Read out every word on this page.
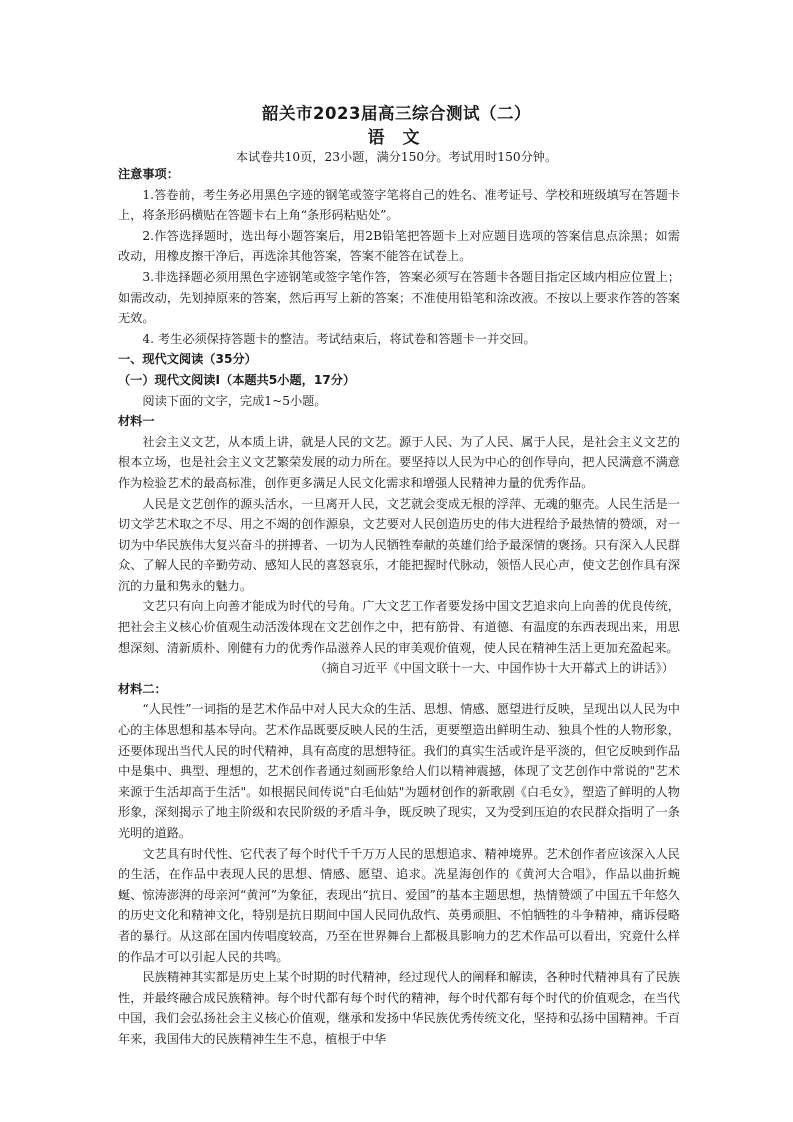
韶关市2023届高三综合测试（二）
语 文
本试卷共10页，23小题，满分150分。考试用时150分钟。

注意事项：

1.答卷前，考生务必用黑色字迹的钢笔或签字笔将自己的姓名、准考证号、学校和班级填写在答题卡上，将条形码横贴在答题卡右上角“条形码粘贴处”。

2.作答选择题时，选出每小题答案后，用2B铅笔把答题卡上对应题目选项的答案信息点涂黑；如需改动，用橡皮擦干净后，再选涂其他答案，答案不能答在试卷上。

3.非选择题必须用黑色字迹钢笔或签字笔作答，答案必须写在答题卡各题目指定区域内相应位置上；如需改动，先划掉原来的答案，然后再写上新的答案；不准使用铅笔和涂改液。不按以上要求作答的答案无效。

4. 考生必须保持答题卡的整洁。考试结束后，将试卷和答题卡一并交回。

一、现代文阅读（35分）

（一）现代文阅读Ⅰ（本题共5小题，17分）

阅读下面的文字，完成1~5小题。

材料一

社会主义文艺，从本质上讲，就是人民的文艺。源于人民、为了人民、属于人民，是社会主义文艺的根本立场，也是社会主义文艺繁荣发展的动力所在。要坚持以人民为中心的创作导向，把人民满意不满意作为检验艺术的最高标准，创作更多满足人民文化需求和增强人民精神力量的优秀作品。

人民是文艺创作的源头活水，一旦离开人民，文艺就会变成无根的浮萍、无魂的躯壳。人民生活是一切文学艺术取之不尽、用之不竭的创作源泉，文艺要对人民创造历史的伟大进程给予最热情的赞颂，对一切为中华民族伟大复兴奋斗的拼搏者、一切为人民牺牲奉献的英雄们给予最深情的褒扬。只有深入人民群众、了解人民的辛勤劳动、感知人民的喜怒哀乐，才能把握时代脉动，领悟人民心声，使文艺创作具有深沉的力量和隽永的魅力。

文艺只有向上向善才能成为时代的号角。广大文艺工作者要发扬中国文艺追求向上向善的优良传统，把社会主义核心价值观生动活泼体现在文艺创作之中，把有筋骨、有道德、有温度的东西表现出来，用思想深刻、清新质朴、刚健有力的优秀作品滋养人民的审美观价值观，使人民在精神生活上更加充盈起来。

（摘自习近平《中国文联十一大、中国作协十大开幕式上的讲话》）

材料二：

“人民性”一词指的是艺术作品中对人民大众的生活、思想、情感、愿望进行反映，呈现出以人民为中心的主体思想和基本导向。艺术作品既要反映人民的生活，更要塑造出鲜明生动、独具个性的人物形象，还要体现出当代人民的时代精神，具有高度的思想特征。我们的真实生活或许是平淡的，但它反映到作品中是集中、典型、理想的，艺术创作者通过刻画形象给人们以精神震撼，体现了文艺创作中常说的"艺术来源于生活却高于生活"。如根据民间传说"白毛仙姑"为题材创作的新歌剧《白毛女》，塑造了鲜明的人物形象，深刻揭示了地主阶级和农民阶级的矛盾斗争，既反映了现实，又为受到压迫的农民群众指明了一条光明的道路。

文艺具有时代性、它代表了每个时代千千万万人民的思想追求、精神境界。艺术创作者应该深入人民的生活，在作品中表现人民的思想、情感、愿望、追求。冼星海创作的《黄河大合唱》，作品以曲折蜿蜒、惊涛澎湃的母亲河“黄河”为象征，表现出“抗日、爱国”的基本主题思想，热情赞颂了中国五千年悠久的历史文化和精神文化，特别是抗日期间中国人民同仇敌忾、英勇顽胆、不怕牺牲的斗争精神，痛诉侵略者的暴行。从这部在国内传唱度较高，乃至在世界舞台上都极具影响力的艺术作品可以看出，究竟什么样的作品才可以引起人民的共鸣。

民族精神其实都是历史上某个时期的时代精神，经过现代人的阐释和解读，各种时代精神具有了民族性，并最终融合成民族精神。每个时代都有每个时代的精神，每个时代都有每个时代的价值观念，在当代中国，我们会弘扬社会主义核心价值观，继承和发扬中华民族优秀传统文化，坚持和弘扬中国精神。千百年来，我国伟大的民族精神生生不息，植根于中华
